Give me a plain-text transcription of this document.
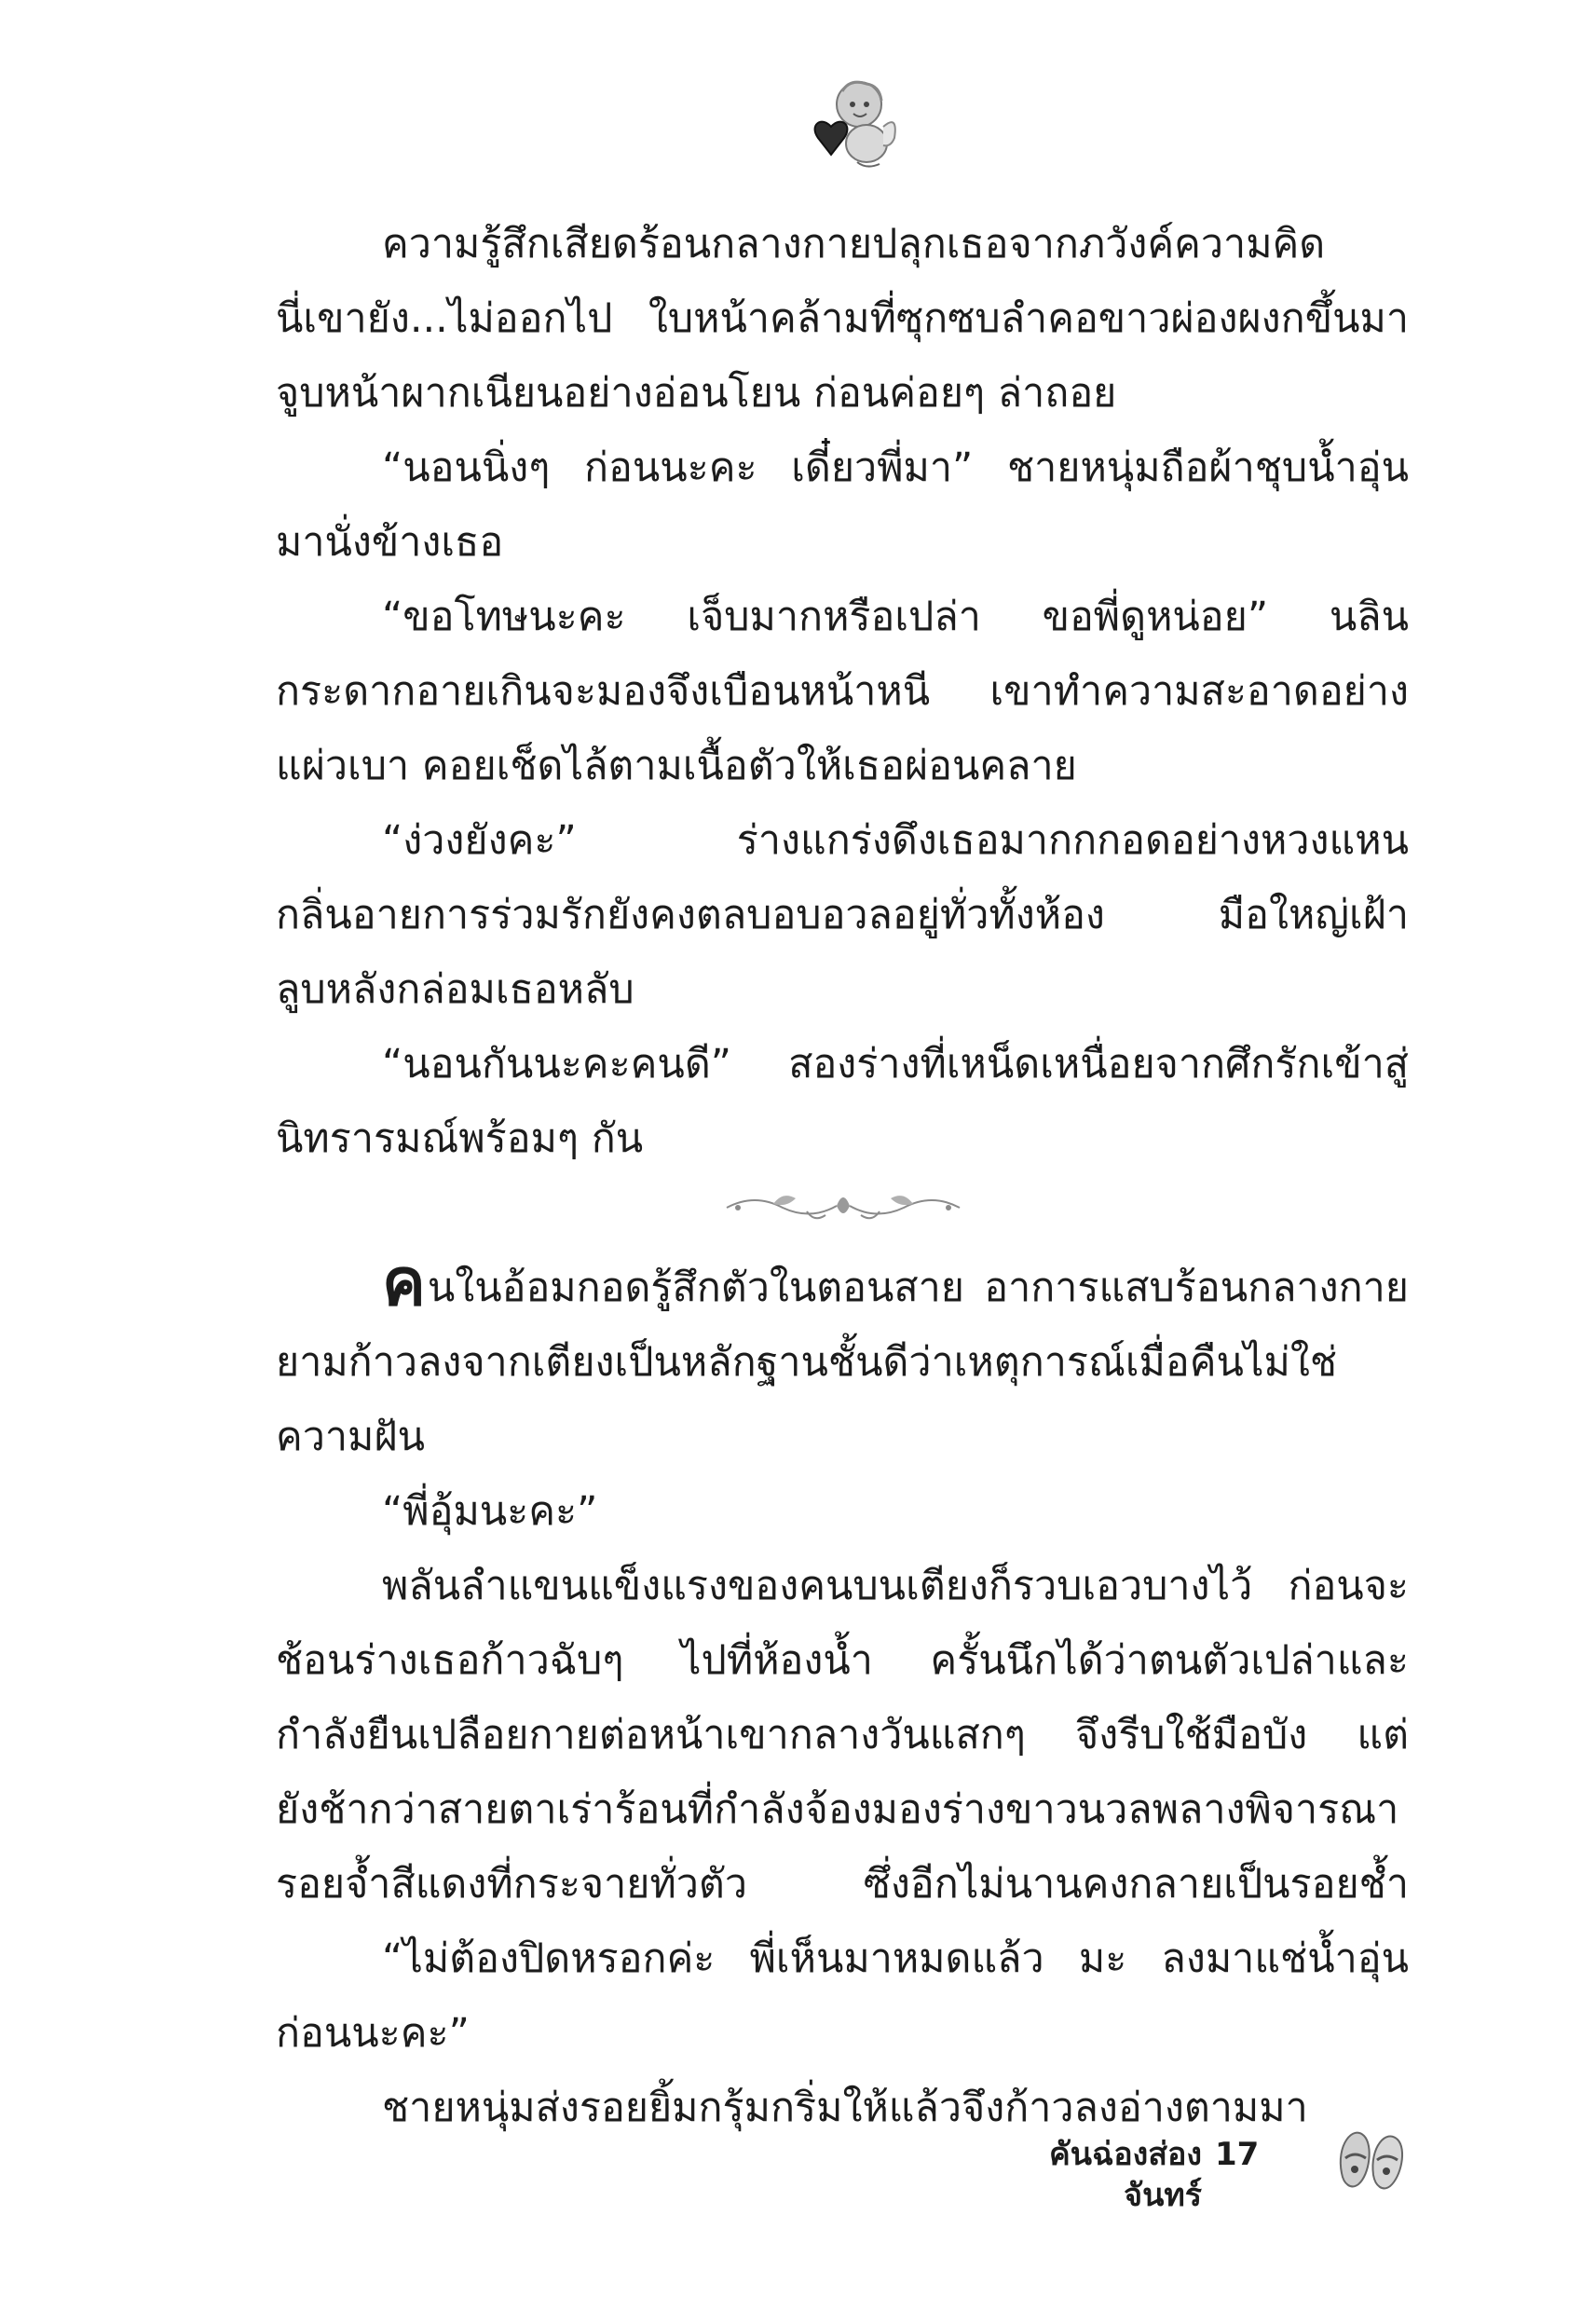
ความรู้สึกเสียดร้อนกลางกายปลุกเธอจากภวังค์ความคิด
นี่เขายัง...ไม่ออกไป ใบหน้าคล้ามที่ซุกซบลำคอขาวผ่องผงกขึ้นมา
จูบหน้าผากเนียนอย่างอ่อนโยน ก่อนค่อยๆ ล่าถอย
“นอนนิ่งๆ ก่อนนะคะ เดี๋ยวพี่มา” ชายหนุ่มถือผ้าชุบน้ำอุ่น
มานั่งข้างเธอ
“ขอโทษนะคะ เจ็บมากหรือเปล่า ขอพี่ดูหน่อย” นลิน
กระดากอายเกินจะมองจึงเบือนหน้าหนี เขาทำความสะอาดอย่าง
แผ่วเบา คอยเช็ดไล้ตามเนื้อตัวให้เธอผ่อนคลาย
“ง่วงยังคะ” ร่างแกร่งดึงเธอมากกกอดอย่างหวงแหน
กลิ่นอายการร่วมรักยังคงตลบอบอวลอยู่ทั่วทั้งห้อง มือใหญ่เฝ้า
ลูบหลังกล่อมเธอหลับ
“นอนกันนะคะคนดี” สองร่างที่เหน็ดเหนื่อยจากศึกรักเข้าสู่
นิทรารมณ์พร้อมๆ กัน
คนในอ้อมกอดรู้สึกตัวในตอนสาย อาการแสบร้อนกลางกาย
ยามก้าวลงจากเตียงเป็นหลักฐานชั้นดีว่าเหตุการณ์เมื่อคืนไม่ใช่
ความฝัน
“พี่อุ้มนะคะ”
พลันลำแขนแข็งแรงของคนบนเตียงก็รวบเอวบางไว้ ก่อนจะ
ช้อนร่างเธอก้าวฉับๆ ไปที่ห้องน้ำ ครั้นนึกได้ว่าตนตัวเปล่าและ
กำลังยืนเปลือยกายต่อหน้าเขากลางวันแสกๆ จึงรีบใช้มือบัง แต่
ยังช้ากว่าสายตาเร่าร้อนที่กำลังจ้องมองร่างขาวนวลพลางพิจารณา
รอยจ้ำสีแดงที่กระจายทั่วตัว ซึ่งอีกไม่นานคงกลายเป็นรอยช้ำ
“ไม่ต้องปิดหรอกค่ะ พี่เห็นมาหมดแล้ว มะ ลงมาแช่น้ำอุ่น
ก่อนนะคะ”
ชายหนุ่มส่งรอยยิ้มกรุ้มกริ่มให้แล้วจึงก้าวลงอ่างตามมา
คันฉ่องส่องจันทร์
17
